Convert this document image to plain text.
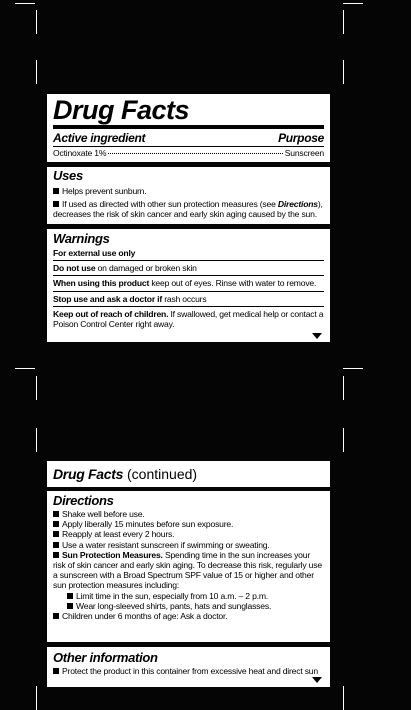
Drug Facts
Active ingredient	Purpose
Octinoxate 1%	Sunscreen
Uses
Helps prevent sunburn.
If used as directed with other sun protection measures (see Directions), decreases the risk of skin cancer and early skin aging caused by the sun.
Warnings
For external use only
Do not use on damaged or broken skin
When using this product keep out of eyes. Rinse with water to remove.
Stop use and ask a doctor if rash occurs
Keep out of reach of children. If swallowed, get medical help or contact a Poison Control Center right away.
Drug Facts (continued)
Directions
Shake well before use.
Apply liberally 15 minutes before sun exposure.
Reapply at least every 2 hours.
Use a water resistant sunscreen if swimming or sweating.
Sun Protection Measures. Spending time in the sun increases your risk of skin cancer and early skin aging. To decrease this risk, regularly use a sunscreen with a Broad Spectrum SPF value of 15 or higher and other sun protection measures including:
Limit time in the sun, especially from 10 a.m. – 2 p.m.
Wear long-sleeved shirts, pants, hats and sunglasses.
Children under 6 months of age: Ask a doctor.
Other information
Protect the product in this container from excessive heat and direct sun
